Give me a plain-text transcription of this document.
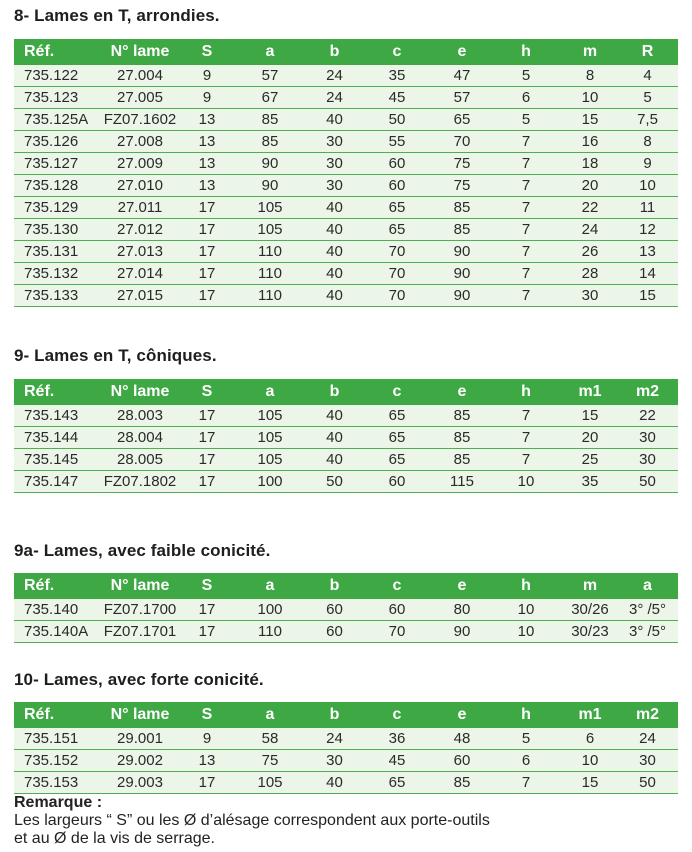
8- Lames en T, arrondies.
Réf.	N° lame	S	a	b	c	e	h	m	R
735.122	27.004	9	57	24	35	47	5	8	4
735.123	27.005	9	67	24	45	57	6	10	5
735.125A	FZ07.1602	13	85	40	50	65	5	15	7,5
735.126	27.008	13	85	30	55	70	7	16	8
735.127	27.009	13	90	30	60	75	7	18	9
735.128	27.010	13	90	30	60	75	7	20	10
735.129	27.011	17	105	40	65	85	7	22	11
735.130	27.012	17	105	40	65	85	7	24	12
735.131	27.013	17	110	40	70	90	7	26	13
735.132	27.014	17	110	40	70	90	7	28	14
735.133	27.015	17	110	40	70	90	7	30	15
9- Lames en T, côniques.
Réf.	N° lame	S	a	b	c	e	h	m1	m2
735.143	28.003	17	105	40	65	85	7	15	22
735.144	28.004	17	105	40	65	85	7	20	30
735.145	28.005	17	105	40	65	85	7	25	30
735.147	FZ07.1802	17	100	50	60	115	10	35	50
9a- Lames, avec faible conicité.
Réf.	N° lame	S	a	b	c	e	h	m	a
735.140	FZ07.1700	17	100	60	60	80	10	30/26	3° /5°
735.140A	FZ07.1701	17	110	60	70	90	10	30/23	3° /5°
10- Lames, avec forte conicité.
Réf.	N° lame	S	a	b	c	e	h	m1	m2
735.151	29.001	9	58	24	36	48	5	6	24
735.152	29.002	13	75	30	45	60	6	10	30
735.153	29.003	17	105	40	65	85	7	15	50
Remarque :
Les largeurs “ S” ou les Ø d’alésage correspondent aux porte-outils
et au Ø de la vis de serrage.
